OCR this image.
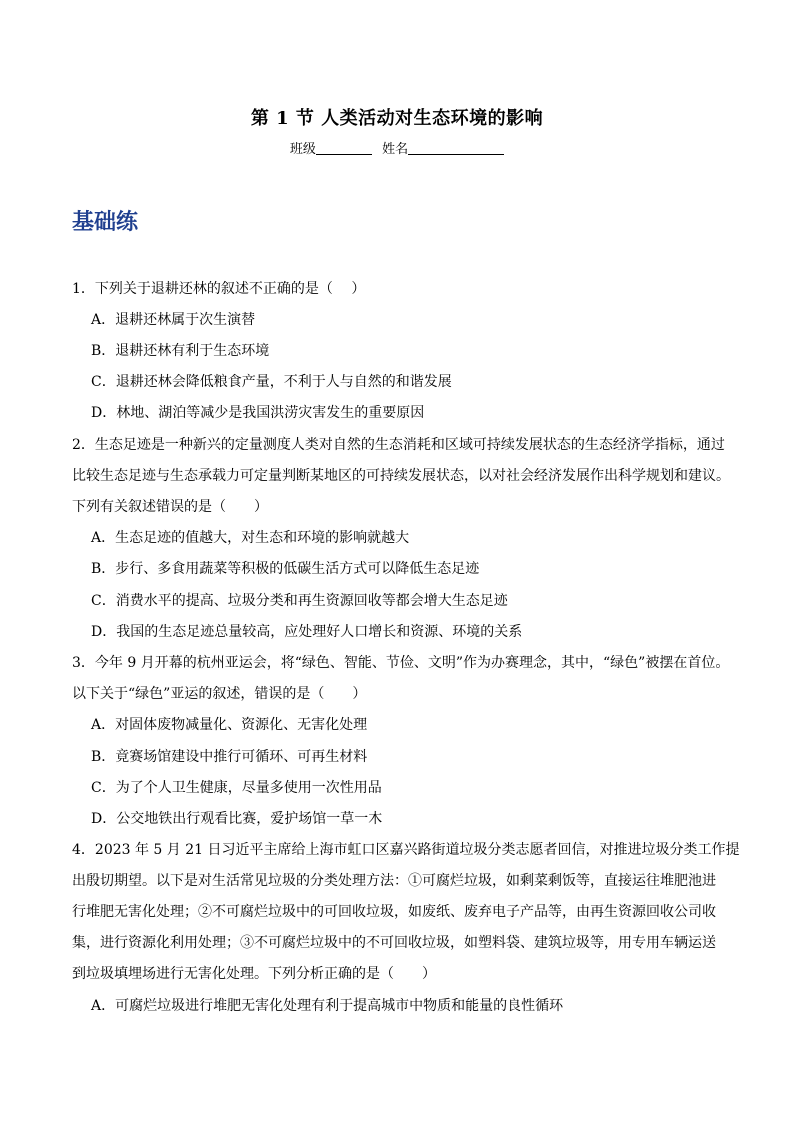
第 1 节 人类活动对生态环境的影响
班级	姓名
基础练
1．下列关于退耕还林的叙述不正确的是（　 ）
A．退耕还林属于次生演替
B．退耕还林有利于生态环境
C．退耕还林会降低粮食产量，不利于人与自然的和谐发展
D．林地、湖泊等减少是我国洪涝灾害发生的重要原因
2．生态足迹是一种新兴的定量测度人类对自然的生态消耗和区域可持续发展状态的生态经济学指标，通过
比较生态足迹与生态承载力可定量判断某地区的可持续发展状态，以对社会经济发展作出科学规划和建议。
下列有关叙述错误的是（　　）
A．生态足迹的值越大，对生态和环境的影响就越大
B．步行、多食用蔬菜等积极的低碳生活方式可以降低生态足迹
C．消费水平的提高、垃圾分类和再生资源回收等都会增大生态足迹
D．我国的生态足迹总量较高，应处理好人口增长和资源、环境的关系
3．今年 9 月开幕的杭州亚运会，将“绿色、智能、节俭、文明”作为办赛理念，其中，“绿色”被摆在首位。
以下关于“绿色”亚运的叙述，错误的是（　　）
A．对固体废物减量化、资源化、无害化处理
B．竟赛场馆建设中推行可循环、可再生材料
C．为了个人卫生健康，尽量多使用一次性用品
D．公交地铁出行观看比赛，爱护场馆一草一木
4．2023 年 5 月 21 日习近平主席给上海市虹口区嘉兴路街道垃圾分类志愿者回信，对推进垃圾分类工作提
出殷切期望。以下是对生活常见垃圾的分类处理方法：①可腐烂垃圾，如剩菜剩饭等，直接运往堆肥池进
行堆肥无害化处理；②不可腐烂垃圾中的可回收垃圾，如废纸、废弃电子产品等，由再生资源回收公司收
集，进行资源化利用处理；③不可腐烂垃圾中的不可回收垃圾，如塑料袋、建筑垃圾等，用专用车辆运送
到垃圾填埋场进行无害化处理。下列分析正确的是（　　）
A．可腐烂垃圾进行堆肥无害化处理有利于提高城市中物质和能量的良性循环
